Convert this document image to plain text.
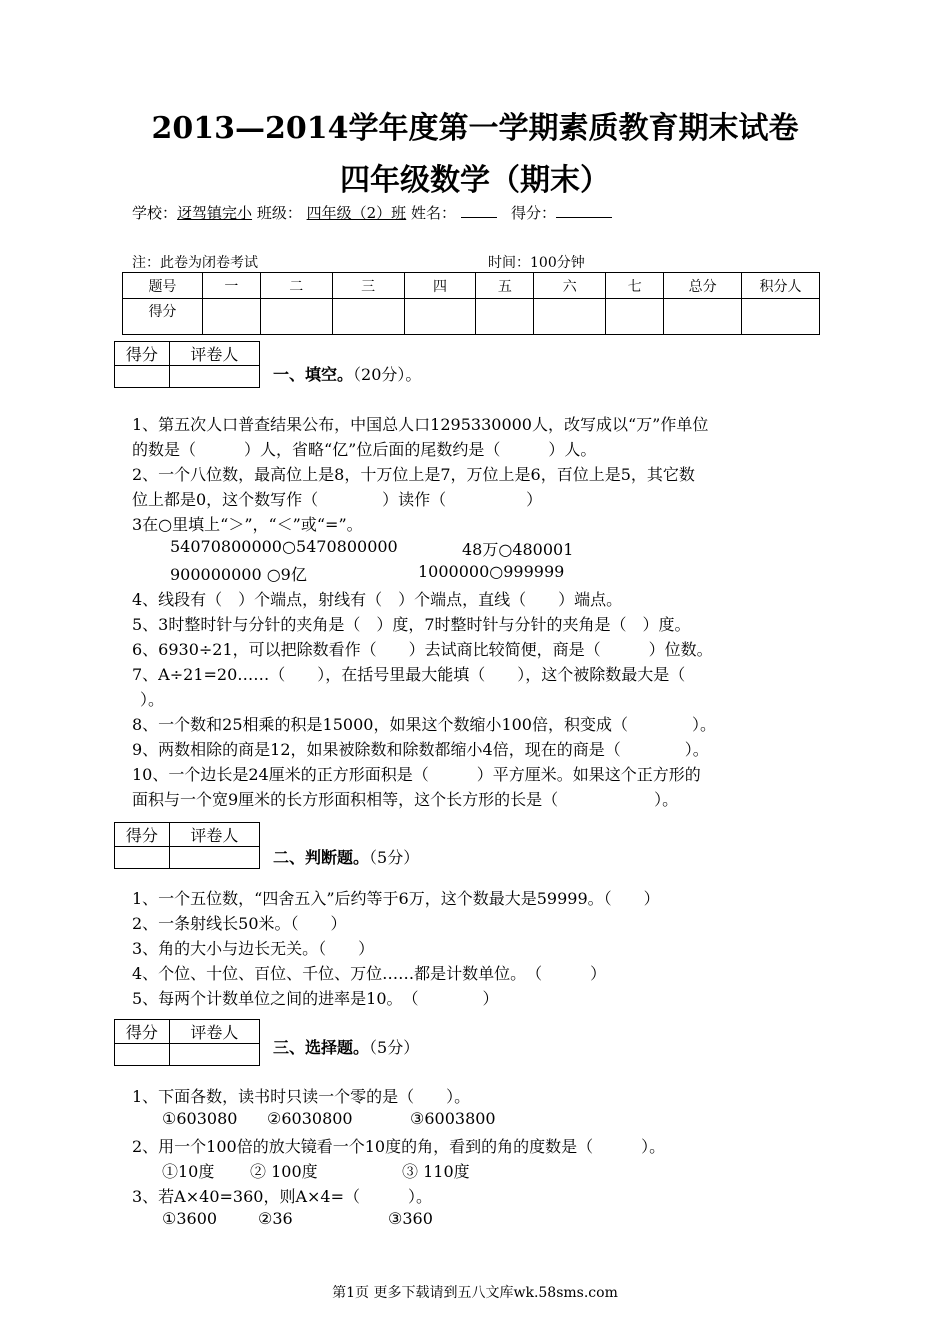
2013—2014学年度第一学期素质教育期末试卷
四年级数学（期末）
学校：迓驾镇完小 班级： 四年级（2）班 姓名：	得分：
注：此卷为闭卷考试	时间：100分钟
题号	一	二	三	四	五	六	七	总分	积分人
得分									
得分	评卷人

一、填空。（20分）。
1、第五次人口普查结果公布，中国总人口1295330000人，改写成以“万”作单位
的数是（　　　）人，省略“亿”位后面的尾数约是（　　　）人。
2、一个八位数，最高位上是8，十万位上是7，万位上是6，百位上是5，其它数
位上都是0，这个数写作（　　　　）读作（　　　　　）
3在○里填上“＞”，“＜”或“=”。
54070800000○5470800000	48万○480001
900000000 ○9亿	1000000○999999
4、线段有（　）个端点，射线有（　）个端点，直线（　　）端点。
5、3时整时针与分针的夹角是（　）度，7时整时针与分针的夹角是（　）度。
6、6930÷21，可以把除数看作（　　）去试商比较简便，商是（　　　）位数。
7、A÷21=20……（　　），在括号里最大能填（　　），这个被除数最大是（
）。
8、一个数和25相乘的积是15000，如果这个数缩小100倍，积变成（　　　　）。
9、两数相除的商是12，如果被除数和除数都缩小4倍，现在的商是（　　　　）。
10、一个边长是24厘米的正方形面积是（　　　）平方厘米。如果这个正方形的
面积与一个宽9厘米的长方形面积相等，这个长方形的长是（　　　　　　）。
得分	评卷人

二、判断题。（5分）
1、一个五位数，“四舍五入”后约等于6万，这个数最大是59999。（　　）
2、一条射线长50米。（　　）
3、角的大小与边长无关。（　　）
4、个位、十位、百位、千位、万位……都是计数单位。　（　　　）
5、每两个计数单位之间的进率是10。　（　　　　）
得分	评卷人

三、选择题。（5分）
1、下面各数，读书时只读一个零的是（　　）。
①603080 ②6030800	③6003800
2、用一个100倍的放大镜看一个10度的角，看到的角的度数是（　　　）。
①10度 ② 100度	③ 110度
3、若A×40=360，则A×4=（　　　）。
①3600	②36	③360
第1页 更多下载请到五八文库wk.58sms.com
